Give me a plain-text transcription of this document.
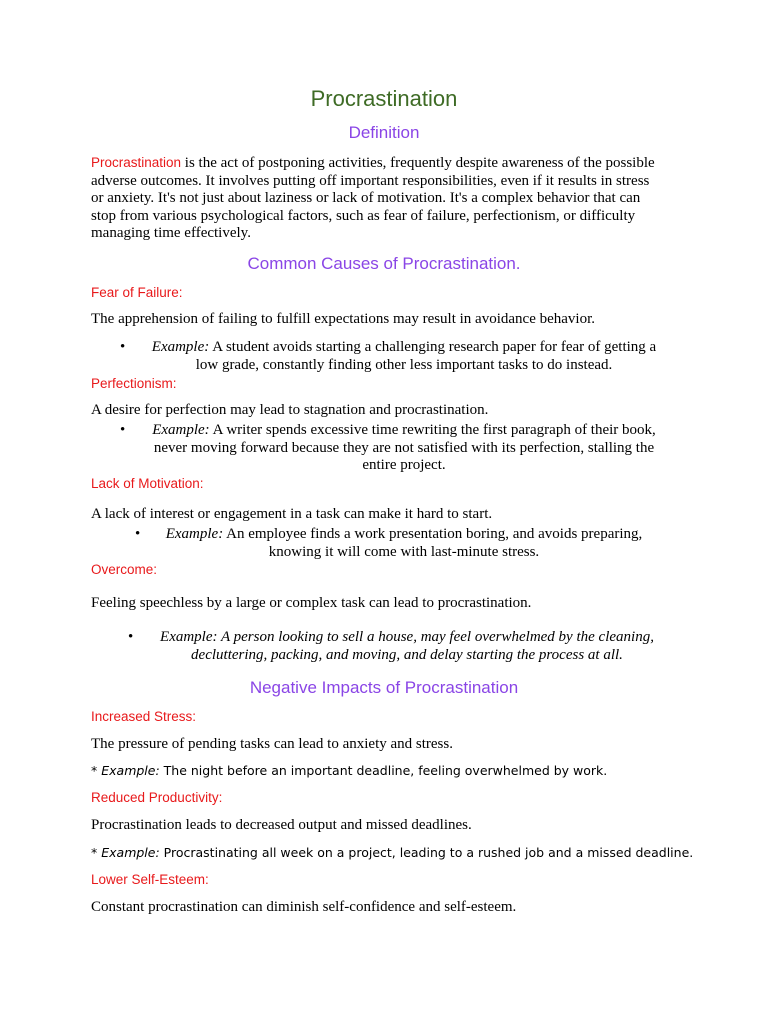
Procrastination
Definition
Procrastination is the act of postponing activities, frequently despite awareness of the possible
adverse outcomes. It involves putting off important responsibilities, even if it results in stress
or anxiety. It's not just about laziness or lack of motivation. It's a complex behavior that can
stop from various psychological factors, such as fear of failure, perfectionism, or difficulty
managing time effectively.
Common Causes of Procrastination.
Fear of Failure:
The apprehension of failing to fulfill expectations may result in avoidance behavior.
•	Example: A student avoids starting a challenging research paper for fear of getting a
low grade, constantly finding other less important tasks to do instead.
Perfectionism:
A desire for perfection may lead to stagnation and procrastination.
•	Example: A writer spends excessive time rewriting the first paragraph of their book,
never moving forward because they are not satisfied with its perfection, stalling the
entire project.
Lack of Motivation:
A lack of interest or engagement in a task can make it hard to start.
•	Example: An employee finds a work presentation boring, and avoids preparing,
knowing it will come with last-minute stress.
Overcome:
Feeling speechless by a large or complex task can lead to procrastination.
•	Example: A person looking to sell a house, may feel overwhelmed by the cleaning,
decluttering, packing, and moving, and delay starting the process at all.
Negative Impacts of Procrastination
Increased Stress:
The pressure of pending tasks can lead to anxiety and stress.
* Example: The night before an important deadline, feeling overwhelmed by work.
Reduced Productivity:
Procrastination leads to decreased output and missed deadlines.
* Example: Procrastinating all week on a project, leading to a rushed job and a missed deadline.
Lower Self-Esteem:
Constant procrastination can diminish self-confidence and self-esteem.
